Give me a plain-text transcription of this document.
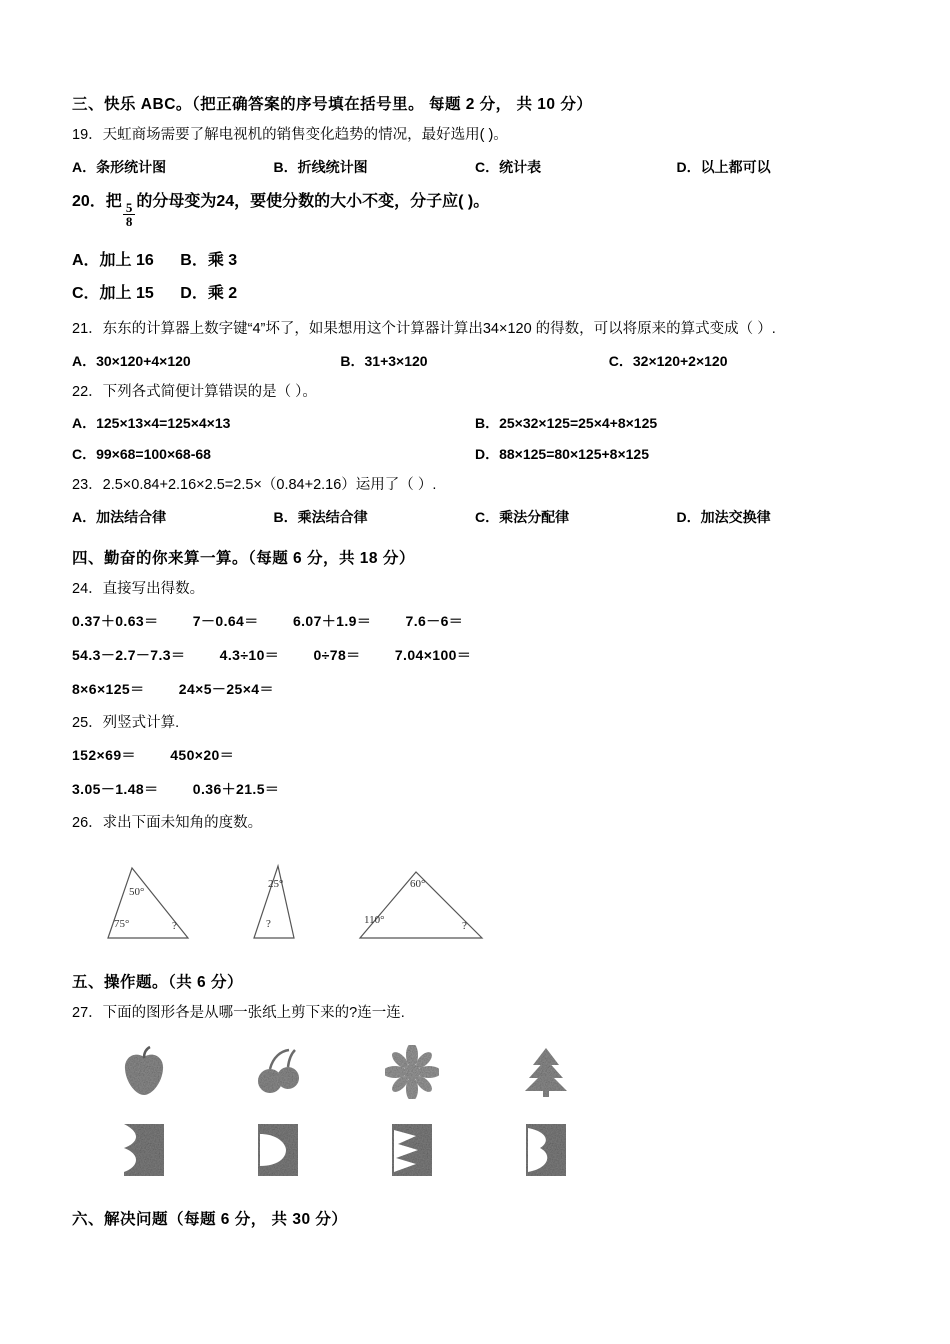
三、快乐 ABC。（把正确答案的序号填在括号里。 每题 2 分， 共 10 分）
19．天虹商场需要了解电视机的销售变化趋势的情况，最好选用( )。
A．条形统计图	B．折线统计图	C．统计表	D．以上都可以
20．把 $\frac{5}{8}$ 的分母变为24，要使分数的大小不变，分子应( )。
A．加上 16 B．乘 3
C．加上 15 D．乘 2
21．东东的计算器上数字键“4”坏了，如果想用这个计算器计算出34×120 的得数，可以将原来的算式变成（ ）.
A．30×120+4×120	B．31+3×120	C．32×120+2×120
22．下列各式简便计算错误的是（ ）。
A．125×13×4=125×4×13	B．25×32×125=25×4+8×125
C．99×68=100×68-68	D．88×125=80×125+8×125
23．2.5×0.84+2.16×2.5=2.5×（0.84+2.16）运用了（ ）.
A．加法结合律	B．乘法结合律	C．乘法分配律	D．加法交换律
四、勤奋的你来算一算。（每题 6 分，共 18 分）
24．直接写出得数。
0.37＋0.63＝ 7－0.64＝ 6.07＋1.9＝ 7.6－6＝
54.3－2.7－7.3＝ 4.3÷10＝ 0÷78＝ 7.04×100＝
8×6×125＝ 24×5－25×4＝
25．列竖式计算.
152×69＝ 450×20＝
3.05－1.48＝ 0.36＋21.5＝
26．求出下面未知角的度数。
50°
75°	?
25°
?
60°
110°	?
五、操作题。（共 6 分）
27．下面的图形各是从哪一张纸上剪下来的?连一连.
六、解决问题（每题 6 分， 共 30 分）
